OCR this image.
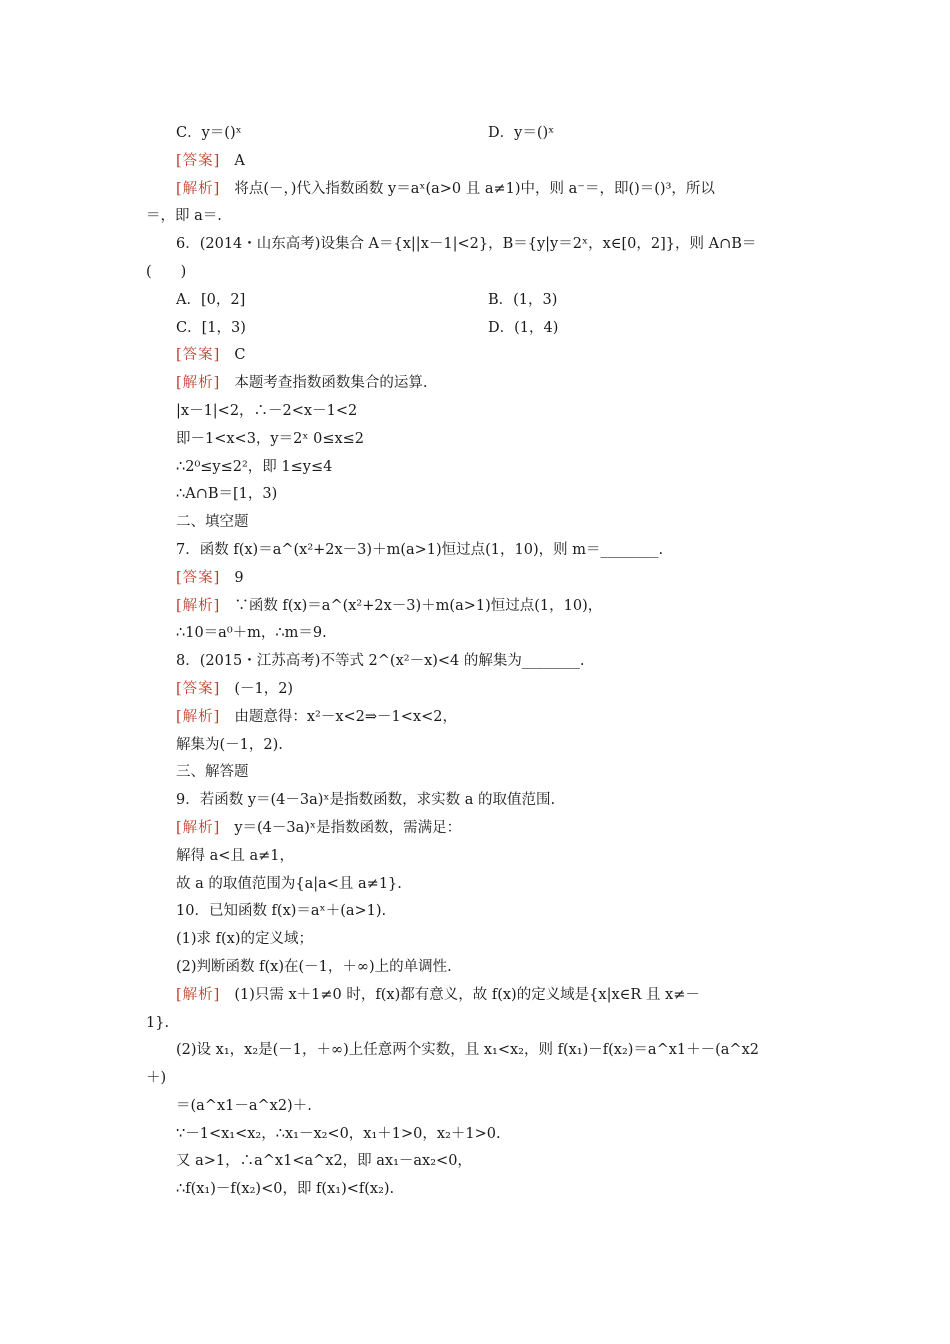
C．y＝()ˣ	D．y＝()ˣ
[答案] A
[解析] 将点(－，)代入指数函数 y＝aˣ(a>0 且 a≠1)中，则 a⁻＝，即()＝()³，所以
＝，即 a＝.
6．(2014・山东高考)设集合 A＝{x||x－1|<2}，B＝{y|y＝2ˣ，x∈[0，2]}，则 A∩B＝
(　　)
A．[0，2]	B．(1，3)
C．[1，3)	D．(1，4)
[答案] C
[解析] 本题考查指数函数集合的运算.
|x－1|<2，∴－2<x－1<2
即－1<x<3，y＝2ˣ 0≤x≤2
∴2⁰≤y≤2²，即 1≤y≤4
∴A∩B＝[1，3)
二、填空题
7．函数 f(x)＝a^(x²+2x－3)＋m(a>1)恒过点(1，10)，则 m＝________.
[答案] 9
[解析] ∵函数 f(x)＝a^(x²+2x－3)＋m(a>1)恒过点(1，10)，
∴10＝a⁰＋m，∴m＝9.
8．(2015・江苏高考)不等式 2^(x²－x)<4 的解集为________.
[答案] (－1，2)
[解析] 由题意得：x²－x<2⇒－1<x<2，
解集为(－1，2).
三、解答题
9．若函数 y＝(4－3a)ˣ是指数函数，求实数 a 的取值范围.
[解析] y＝(4－3a)ˣ是指数函数，需满足：
解得 a<且 a≠1，
故 a 的取值范围为{a|a<且 a≠1}.
10．已知函数 f(x)＝aˣ＋(a>1).
(1)求 f(x)的定义域；
(2)判断函数 f(x)在(－1，＋∞)上的单调性.
[解析] (1)只需 x＋1≠0 时，f(x)都有意义，故 f(x)的定义域是{x|x∈R 且 x≠－
1}.
(2)设 x₁，x₂是(－1，＋∞)上任意两个实数，且 x₁<x₂，则 f(x₁)－f(x₂)＝a^x1＋－(a^x2
＋)
＝(a^x1－a^x2)＋.
∵－1<x₁<x₂，∴x₁－x₂<0，x₁＋1>0，x₂＋1>0.
又 a>1，∴a^x1<a^x2，即 ax₁－ax₂<0，
∴f(x₁)－f(x₂)<0，即 f(x₁)<f(x₂).
